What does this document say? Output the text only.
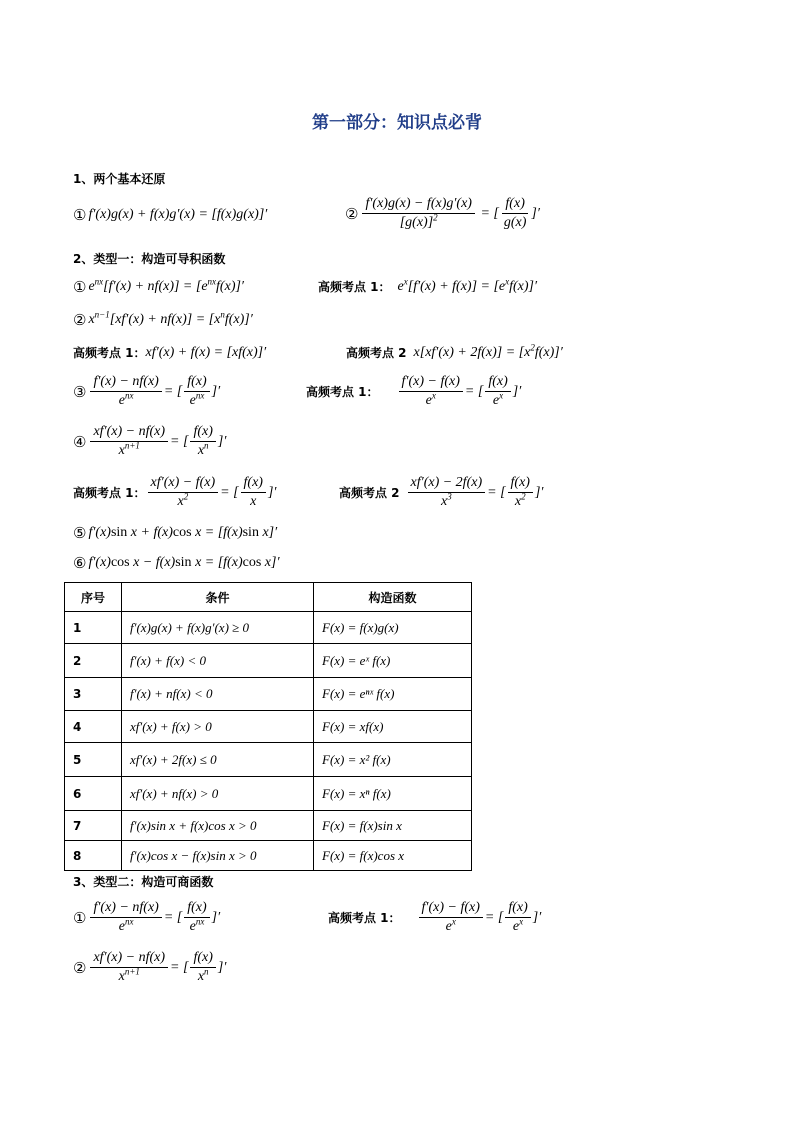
第一部分：知识点必背
1、两个基本还原
① f′(x)g(x) + f(x)g′(x) = [f(x)g(x)]′	② $\frac{f'(x)g(x) - f(x)g'(x)}{[g(x)]^2}$ = [ $\frac{f(x)}{g(x)}$ ]′
2、类型一：构造可导积函数
① $e^{nx}[f'(x) + nf(x)] = [e^{nx}f(x)]'$	高频考点 1： $e^x[f'(x) + f(x)] = [e^xf(x)]'$
② $x^{n-1}[xf'(x) + nf(x)] = [x^nf(x)]'$
高频考点 1： xf′(x) + f(x) = [xf(x)]′	高频考点 2 $x[xf'(x) + 2f(x)] = [x^2f(x)]'$
③ $\frac{f'(x) - nf(x)}{e^{nx}}$ = [ $\frac{f(x)}{e^{nx}}$ ]′	高频考点 1： $\frac{f'(x) - f(x)}{e^x}$ = [ $\frac{f(x)}{e^x}$ ]′
④ $\frac{xf'(x) - nf(x)}{x^{n+1}}$ = [ $\frac{f(x)}{x^n}$ ]′
高频考点 1： $\frac{xf'(x) - f(x)}{x^2}$ = [ $\frac{f(x)}{x}$ ]′	高频考点 $2 \frac{xf'(x) - 2f(x)}{x^3}$ = [ $\frac{f(x)}{x^2}$ ]′
⑤ f′(x)sin x + f(x)cos x = [f(x)sin x]′
⑥ f′(x)cos x − f(x)sin x = [f(x)cos x]′
序号	条件	构造函数
1	f′(x)g(x) + f(x)g′(x) ≥ 0	F(x) = f(x)g(x)
2	f′(x) + f(x) < 0	F(x) = eˣ f(x)
3	f′(x) + nf(x) < 0	F(x) = eⁿˣ f(x)
4	xf′(x) + f(x) > 0	F(x) = xf(x)
5	xf′(x) + 2f(x) ≤ 0	F(x) = x² f(x)
6	xf′(x) + nf(x) > 0	F(x) = xⁿ f(x)
7	f′(x)sin x + f(x)cos x > 0	F(x) = f(x)sin x
8	f′(x)cos x − f(x)sin x > 0	F(x) = f(x)cos x
3、类型二：构造可商函数
① $\frac{f'(x) - nf(x)}{e^{nx}}$ = [ $\frac{f(x)}{e^{nx}}$ ]′	高频考点 1： $\frac{f'(x) - f(x)}{e^x}$ = [ $\frac{f(x)}{e^x}$ ]′
② $\frac{xf'(x) - nf(x)}{x^{n+1}}$ = [ $\frac{f(x)}{x^n}$ ]′
